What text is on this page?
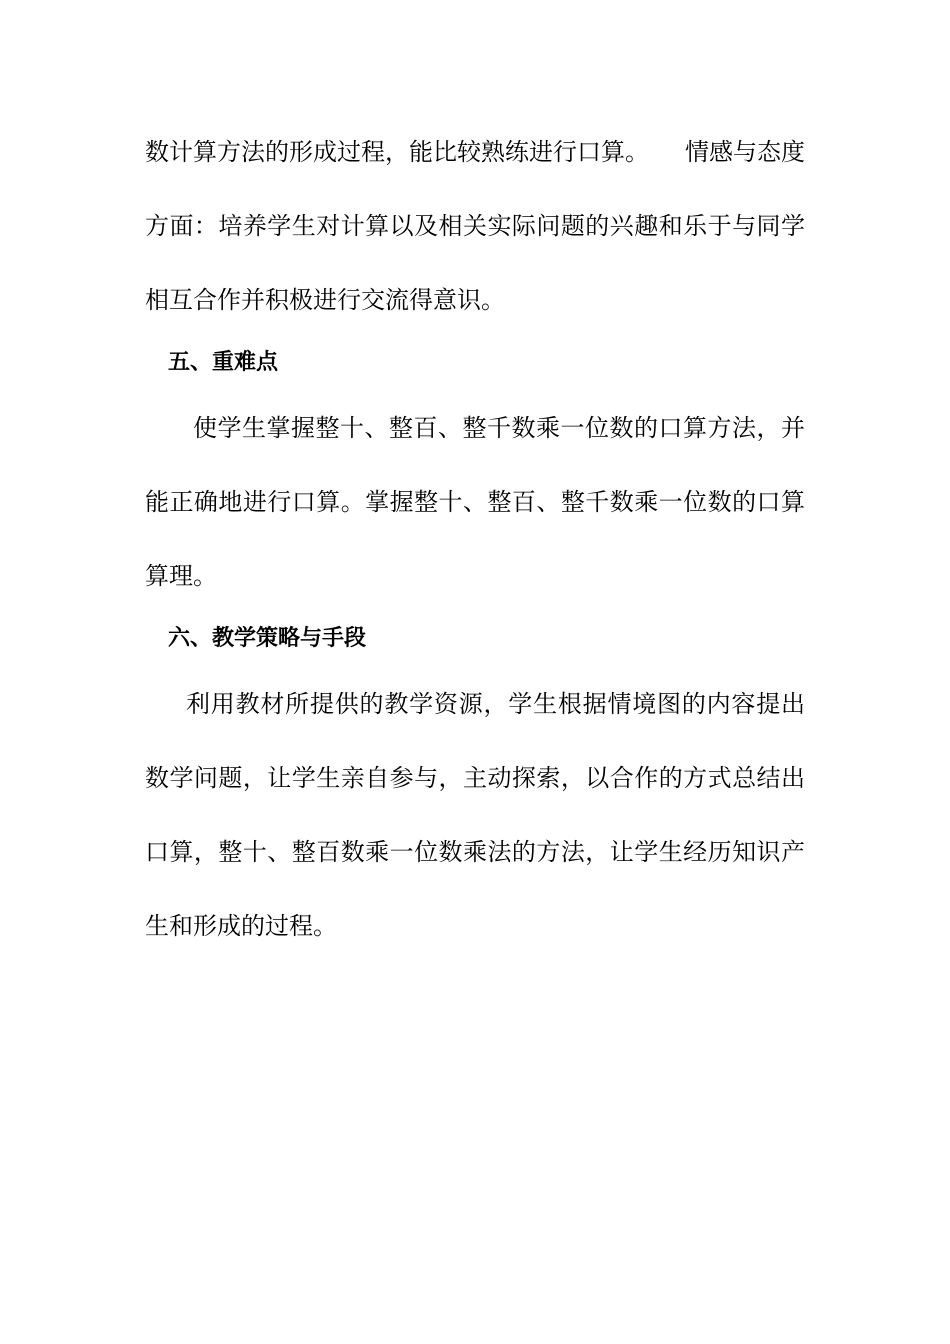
数计算方法的形成过程，能比较熟练进行口算。 情感与态度
方面：培养学生对计算以及相关实际问题的兴趣和乐于与同学
相互合作并积极进行交流得意识。
五、重难点
使学生掌握整十、整百、整千数乘一位数的口算方法，并
能正确地进行口算。掌握整十、整百、整千数乘一位数的口算
算理。
六、教学策略与手段
利用教材所提供的教学资源，学生根据情境图的内容提出
数学问题，让学生亲自参与，主动探索，以合作的方式总结出
口算，整十、整百数乘一位数乘法的方法，让学生经历知识产
生和形成的过程。
